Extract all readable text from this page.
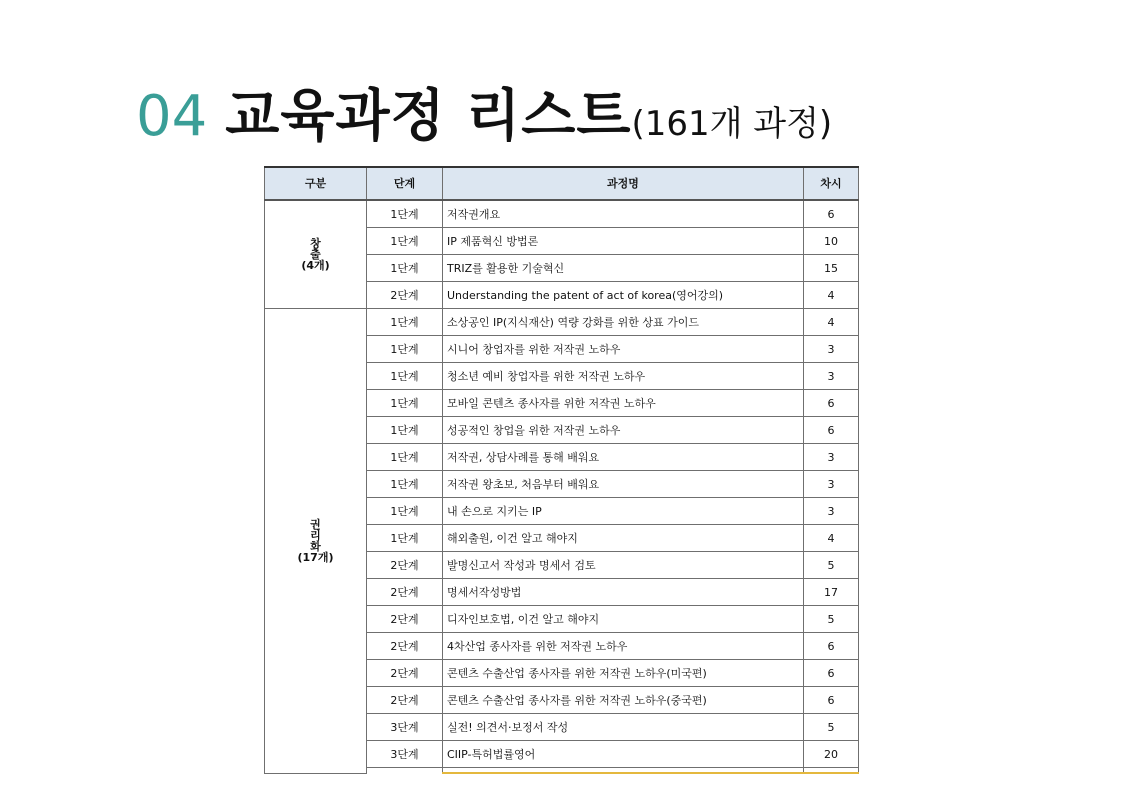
04 교육과정 리스트(161개 과정)
구분	단계	과정명	차시

창
출
(4개)	1단계	저작권개요	6
	1단계	IP 제품혁신 방법론	10
	1단계	TRIZ를 활용한 기술혁신	15
	2단계	Understanding the patent of act of korea(영어강의)	4

권
리
화
(17개)	1단계	소상공인 IP(지식재산) 역량 강화를 위한 상표 가이드	4
	1단계	시니어 창업자를 위한 저작권 노하우	3
	1단계	청소년 예비 창업자를 위한 저작권 노하우	3
	1단계	모바일 콘텐츠 종사자를 위한 저작권 노하우	6
	1단계	성공적인 창업을 위한 저작권 노하우	6
	1단계	저작권, 상담사례를 통해 배워요	3
	1단계	저작권 왕초보, 처음부터 배워요	3
	1단계	내 손으로 지키는 IP	3
	1단계	해외출원, 이건 알고 해야지	4
	2단계	발명신고서 작성과 명세서 검토	5
	2단계	명세서작성방법	17
	2단계	디자인보호법, 이건 알고 해야지	5
	2단계	4차산업 종사자를 위한 저작권 노하우	6
	2단계	콘텐츠 수출산업 종사자를 위한 저작권 노하우(미국편)	6
	2단계	콘텐츠 수출산업 종사자를 위한 저작권 노하우(중국편)	6
	3단계	실전! 의견서·보정서 작성	5
	3단계	CIIP-특허법률영어	20
